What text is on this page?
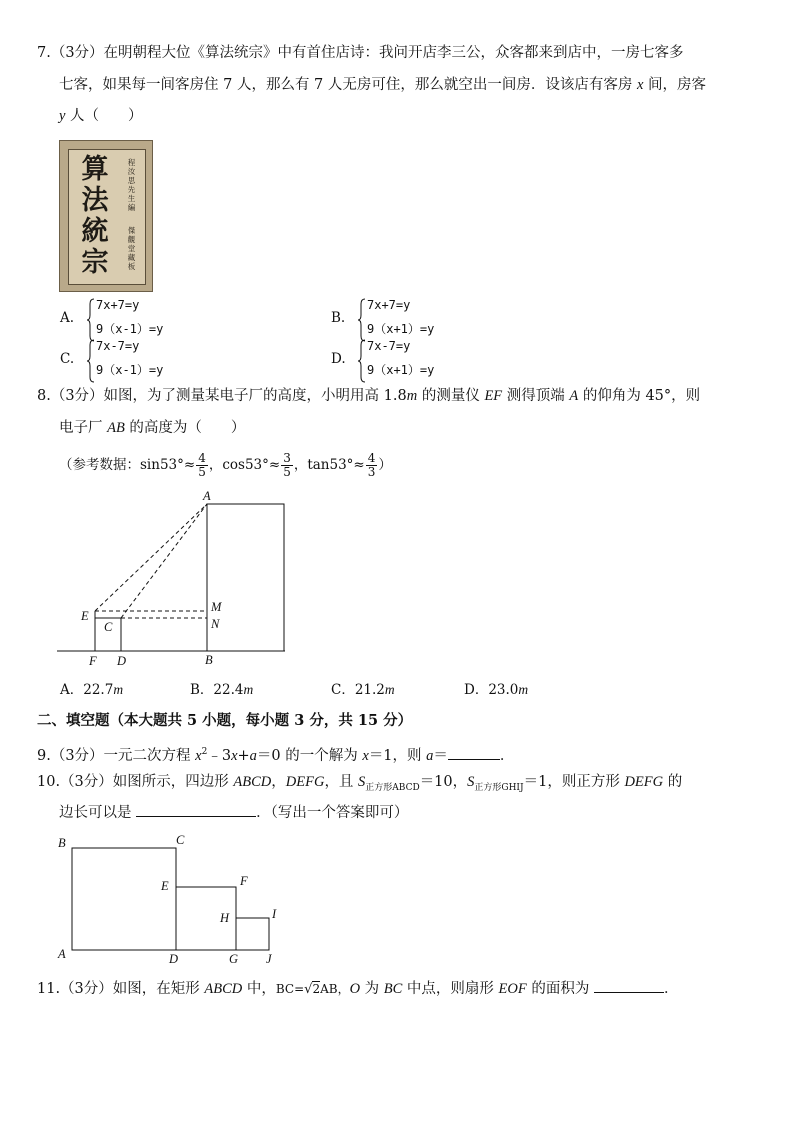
7.（3分）在明朝程大位《算法统宗》中有首住店诗：我问开店李三公，众客都来到店中，一房七客多
七客，如果每一间客房住 7 人，那么有 7 人无房可住，那么就空出一间房．设该店有客房 x 间，房客
y 人（　　）
算
法
統
宗
程汝思先生編
傑觀堂藏板
A.
7x+7=y
9（x-1）=y
B.
7x+7=y
9（x+1）=y
C.
7x-7=y
9（x-1）=y
D.
7x-7=y
9（x+1）=y
8.（3分）如图，为了测量某电子厂的高度，小明用高 1.8m 的测量仪 EF 测得顶端 A 的仰角为 45°，则
电子厂 AB 的高度为（　　）
（参考数据：$\sin 53^\circ\approx \frac{4}{5}$ ，$\cos 53^\circ\approx \frac{3}{5}$ ，$\tan 53^\circ\approx \frac{4}{3}$ ）
A
E
C
M
N
F D	B
A．22.7m	B．22.4m	C．21.2m	D．23.0m
二、填空题（本大题共 5 小题，每小题 3 分，共 15 分）
9.（3分）一元二次方程 $x^2﹣3x+a=0$ 的一个解为 x＝1，则 a＝	．
10.（3分）如图所示，四边形 ABCD，DEFG，且 $S_{正方形ABCD}=10$，$S_{正方形GHIJ}=1$，则正方形 DEFG 的
边长可以是	．（写出一个答案即可）
B	C
E	F
H	I
A	D	G J
11.（3分）如图，在矩形 ABCD 中，BC=√2AB，O 为 BC 中点，则扇形 EOF 的面积为	．
